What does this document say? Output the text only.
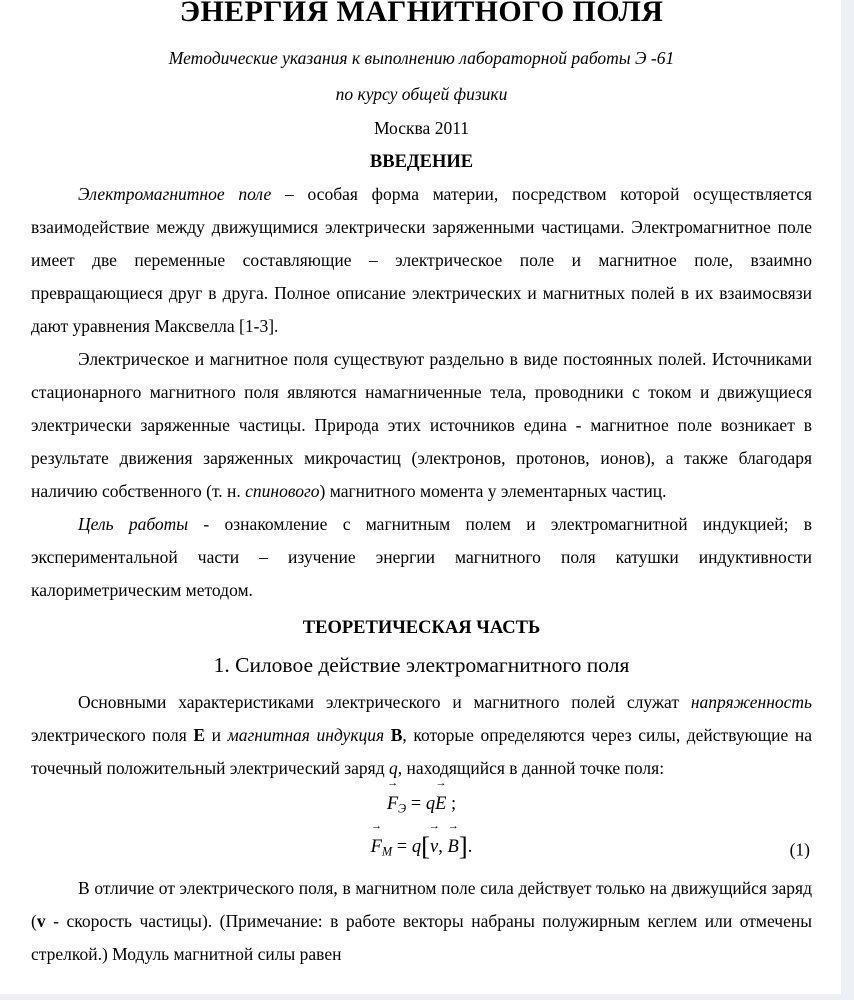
ЭНЕРГИЯ МАГНИТНОГО ПОЛЯ
Методические указания к выполнению лабораторной работы Э -61
по курсу общей физики
Москва 2011
ВВЕДЕНИЕ
Электромагнитное поле – особая форма материи, посредством которой осуществляется взаимодействие между движущимися электрически заряженными частицами. Электромагнитное поле имеет две переменные составляющие – электрическое поле и магнитное поле, взаимно превращающиеся друг в друга. Полное описание электрических и магнитных полей в их взаимосвязи дают уравнения Максвелла [1-3].
Электрическое и магнитное поля существуют раздельно в виде постоянных полей. Источниками стационарного магнитного поля являются намагниченные тела, проводники с током и движущиеся электрически заряженные частицы. Природа этих источников едина - магнитное поле возникает в результате движения заряженных микрочастиц (электронов, протонов, ионов), а также благодаря наличию собственного (т. н. спинового) магнитного момента у элементарных частиц.
Цель работы - ознакомление с магнитным полем и электромагнитной индукцией; в экспериментальной части – изучение энергии магнитного поля катушки индуктивности калориметрическим методом.
ТЕОРЕТИЧЕСКАЯ ЧАСТЬ
1. Силовое действие электромагнитного поля
Основными характеристиками электрического и магнитного полей служат напряженность электрического поля E и магнитная индукция B, которые определяются через силы, действующие на точечный положительный электрический заряд q, находящийся в данной точке поля:
$F \to_Э$ = qE → ;
$F \to_М = q[v$ →, B →].	(1)
В отличие от электрического поля, в магнитном поле сила действует только на движущийся заряд (v - скорость частицы). (Примечание: в работе векторы набраны полужирным кеглем или отмечены стрелкой.) Модуль магнитной силы равен
